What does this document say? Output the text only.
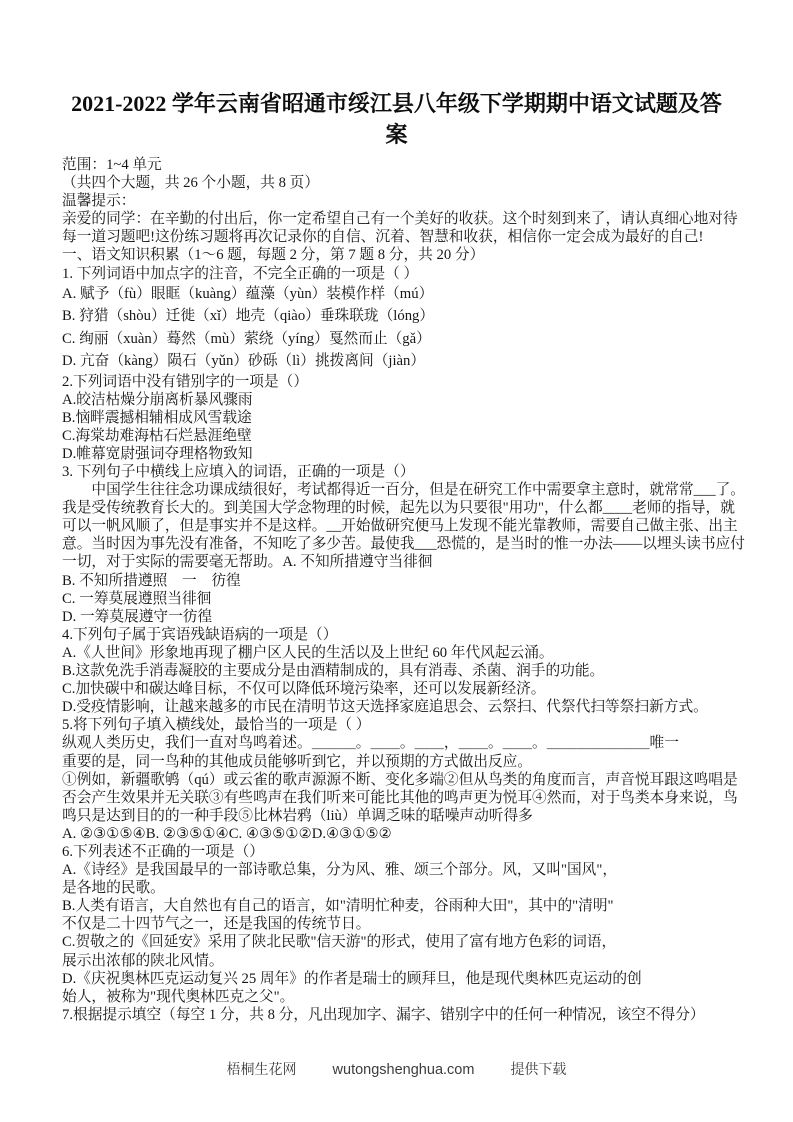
2021-2022 学年云南省昭通市绥江县八年级下学期期中语文试题及答
案
范围：1~4 单元
（共四个大题，共 26 个小题，共 8 页）
温馨提示：
亲爱的同学：在辛勤的付出后，你一定希望自己有一个美好的收获。这个时刻到来了，请认真细心地对待
每一道习题吧!这份练习题将再次记录你的自信、沉着、智慧和收获，相信你一定会成为最好的自己!
一、语文知识积累（1～6 题，每题 2 分，第 7 题 8 分，共 20 分）
1. 下列词语中加点字的注音，不完全正确的一项是（ ）
A. 赋予（fù）眼眶（kuàng）蕴藻（yùn）装模作样（mú）
B. 狩猎（shòu）迁徙（xǐ）地壳（qiào）垂珠联珑（lóng）
C. 绚丽（xuàn）蓦然（mù）萦绕（yíng）戛然而止（gǎ）
D. 亢奋（kàng）陨石（yǔn）砂砾（lì）挑拨离间（jiàn）
2.下列词语中没有错别字的一项是（）
A.皎洁枯燥分崩离析暴风骤雨
B.恼畔震撼相辅相成风雪载途
C.海棠劫难海枯石烂悬涯绝壁
D.帷幕宽尉强词夺理格物致知
3. 下列句子中横线上应填入的词语，正确的一项是（）
中国学生往往念功课成绩很好，考试都得近一百分，但是在研究工作中需要拿主意时，就常常___了。
我是受传统教育长大的。到美国大学念物理的时候，起先以为只要很"用功"，什么都____老师的指导，就
可以一帆风顺了，但是事实并不是这样。__开始做研究便马上发现不能光靠教师，需要自己做主张、出主
意。当时因为事先没有准备，不知吃了多少苦。最使我___恐慌的，是当时的惟一办法——以埋头读书应付
一切，对于实际的需要毫无帮助。A. 不知所措遵守当徘徊
B. 不知所措遵照　一　彷徨
C. 一筹莫展遵照当徘徊
D. 一筹莫展遵守一彷徨
4.下列句子属于宾语残缺语病的一项是（）
A.《人世间》形象地再现了棚户区人民的生活以及上世纪 60 年代风起云涌。
B.这款免洗手消毒凝胶的主要成分是由酒精制成的，具有消毒、杀菌、润手的功能。
C.加快碳中和碳达峰目标，不仅可以降低环境污染率，还可以发展新经济。
D.受疫情影响，让越来越多的市民在清明节这天选择家庭追思会、云祭扫、代祭代扫等祭扫新方式。
5.将下列句子填入横线处，最恰当的一项是（ ）
纵观人类历史，我们一直对鸟鸣着述。＿＿＿。＿＿。＿＿，＿＿。＿＿。＿＿＿＿＿＿＿唯一
重要的是，同一鸟种的其他成员能够听到它，并以预期的方式做出反应。
①例如，新疆歌鸲（qú）或云雀的歌声源源不断、变化多端②但从鸟类的角度而言，声音悦耳跟这鸣唱是
否会产生效果并无关联③有些鸣声在我们听来可能比其他的鸣声更为悦耳④然而，对于鸟类本身来说，鸟
鸣只是达到目的的一种手段⑤比林岩鸦（liù）单调乏味的聒噪声动听得多
A. ②③①⑤④B. ②③⑤①④C. ④③⑤①②D.④③①⑤②
6.下列表述不正确的一项是（）
A.《诗经》是我国最早的一部诗歌总集，分为风、雅、颂三个部分。风，又叫"国风"，
是各地的民歌。
B.人类有语言，大自然也有自己的语言，如"清明忙种麦，谷雨种大田"，其中的"清明"
不仅是二十四节气之一，还是我国的传统节日。
C.贺敬之的《回延安》采用了陕北民歌"信天游"的形式，使用了富有地方色彩的词语，
展示出浓郁的陕北风情。
D.《庆祝奥林匹克运动复兴 25 周年》的作者是瑞士的顾拜旦，他是现代奥林匹克运动的创
始人，被称为"现代奥林匹克之父"。
7.根据提示填空（每空 1 分，共 8 分，凡出现加字、漏字、错别字中的任何一种情况，该空不得分）
梧桐生花网 wutongshenghua.com	提供下载
